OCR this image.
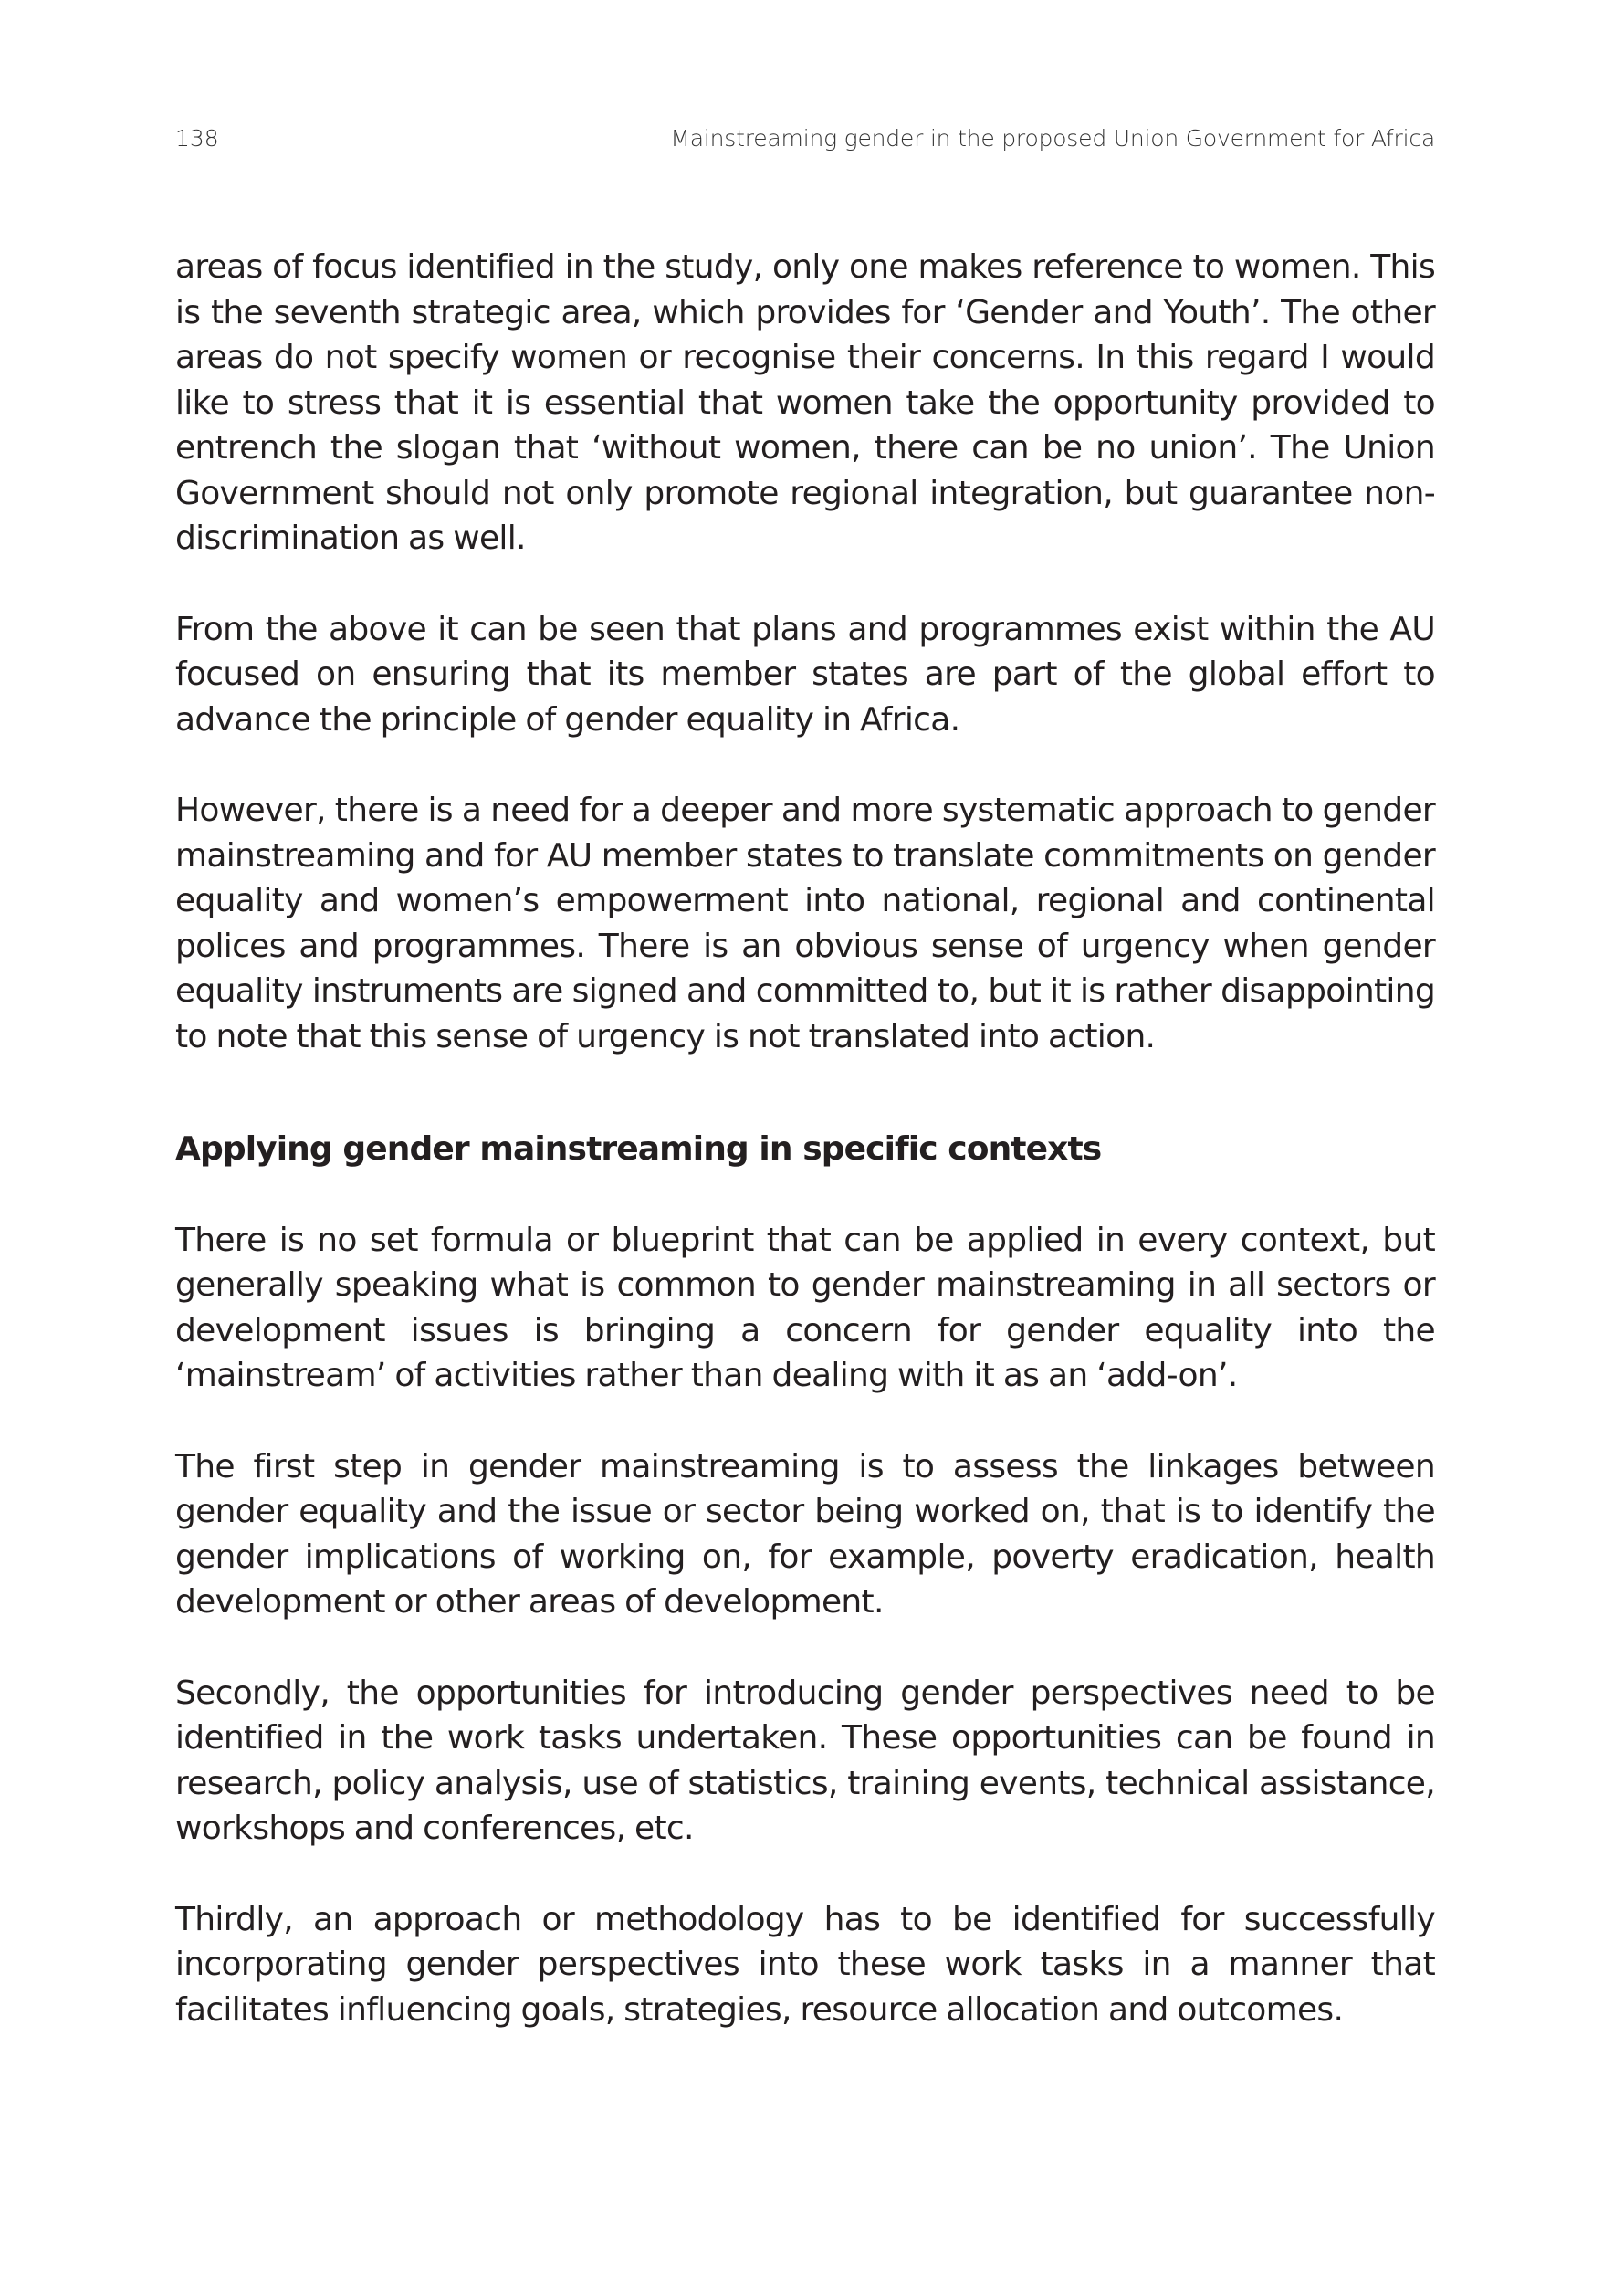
138	Mainstreaming gender in the proposed Union Government for Africa

areas of focus identified in the study, only one makes reference to women. This is the seventh strategic area, which provides for ‘Gender and Youth’. The other areas do not specify women or recognise their concerns. In this regard I would like to stress that it is essential that women take the opportunity provided to entrench the slogan that ‘without women, there can be no union’. The Union Government should not only promote regional integration, but guarantee non-discrimination as well.

From the above it can be seen that plans and programmes exist within the AU focused on ensuring that its member states are part of the global effort to advance the principle of gender equality in Africa.

However, there is a need for a deeper and more systematic approach to gender mainstreaming and for AU member states to translate commitments on gender equality and women’s empowerment into national, regional and continental polices and programmes. There is an obvious sense of urgency when gender equality instruments are signed and committed to, but it is rather disappointing to note that this sense of urgency is not translated into action.

Applying gender mainstreaming in specific contexts

There is no set formula or blueprint that can be applied in every context, but generally speaking what is common to gender mainstreaming in all sectors or development issues is bringing a concern for gender equality into the ‘mainstream’ of activities rather than dealing with it as an ‘add-on’.

The first step in gender mainstreaming is to assess the linkages between gender equality and the issue or sector being worked on, that is to identify the gender implications of working on, for example, poverty eradication, health development or other areas of development.

Secondly, the opportunities for introducing gender perspectives need to be identified in the work tasks undertaken. These opportunities can be found in research, policy analysis, use of statistics, training events, technical assistance, workshops and conferences, etc.

Thirdly, an approach or methodology has to be identified for successfully incorporating gender perspectives into these work tasks in a manner that facilitates influencing goals, strategies, resource allocation and outcomes.
